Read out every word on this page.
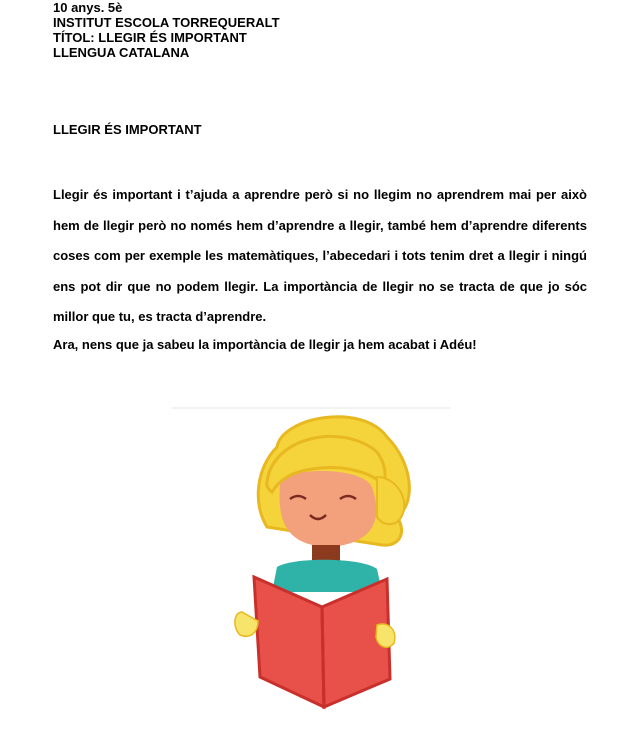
10 anys. 5è
INSTITUT ESCOLA TORREQUERALT
TÍTOL: LLEGIR ÉS IMPORTANT
LLENGUA CATALANA
LLEGIR ÉS IMPORTANT
Llegir és important i t’ajuda a aprendre però si no llegim no aprendrem mai per això hem de llegir però no només hem d’aprendre a llegir, també hem d’aprendre diferents coses com per exemple les matemàtiques, l’abecedari i tots tenim dret a llegir i ningú ens pot dir que no podem llegir. La importància de llegir no se tracta de que jo sóc millor que tu, es tracta d’aprendre.
Ara, nens que ja sabeu la importància de llegir ja hem acabat i Adéu!
